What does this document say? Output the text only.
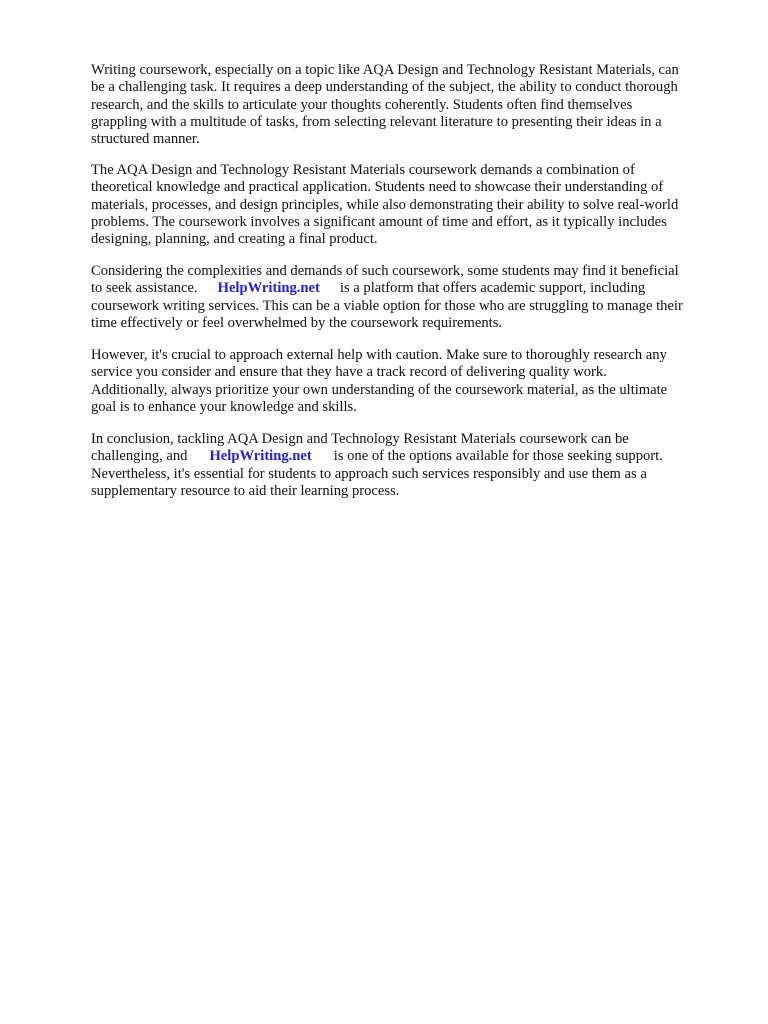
Writing coursework, especially on a topic like AQA Design and Technology Resistant Materials, can
be a challenging task. It requires a deep understanding of the subject, the ability to conduct thorough
research, and the skills to articulate your thoughts coherently. Students often find themselves
grappling with a multitude of tasks, from selecting relevant literature to presenting their ideas in a
structured manner.

The AQA Design and Technology Resistant Materials coursework demands a combination of
theoretical knowledge and practical application. Students need to showcase their understanding of
materials, processes, and design principles, while also demonstrating their ability to solve real-world
problems. The coursework involves a significant amount of time and effort, as it typically includes
designing, planning, and creating a final product.

Considering the complexities and demands of such coursework, some students may find it beneficial
to seek assistance. HelpWriting.net is a platform that offers academic support, including
coursework writing services. This can be a viable option for those who are struggling to manage their
time effectively or feel overwhelmed by the coursework requirements.

However, it's crucial to approach external help with caution. Make sure to thoroughly research any
service you consider and ensure that they have a track record of delivering quality work.
Additionally, always prioritize your own understanding of the coursework material, as the ultimate
goal is to enhance your knowledge and skills.

In conclusion, tackling AQA Design and Technology Resistant Materials coursework can be
challenging, and HelpWriting.net is one of the options available for those seeking support.
Nevertheless, it's essential for students to approach such services responsibly and use them as a
supplementary resource to aid their learning process.
